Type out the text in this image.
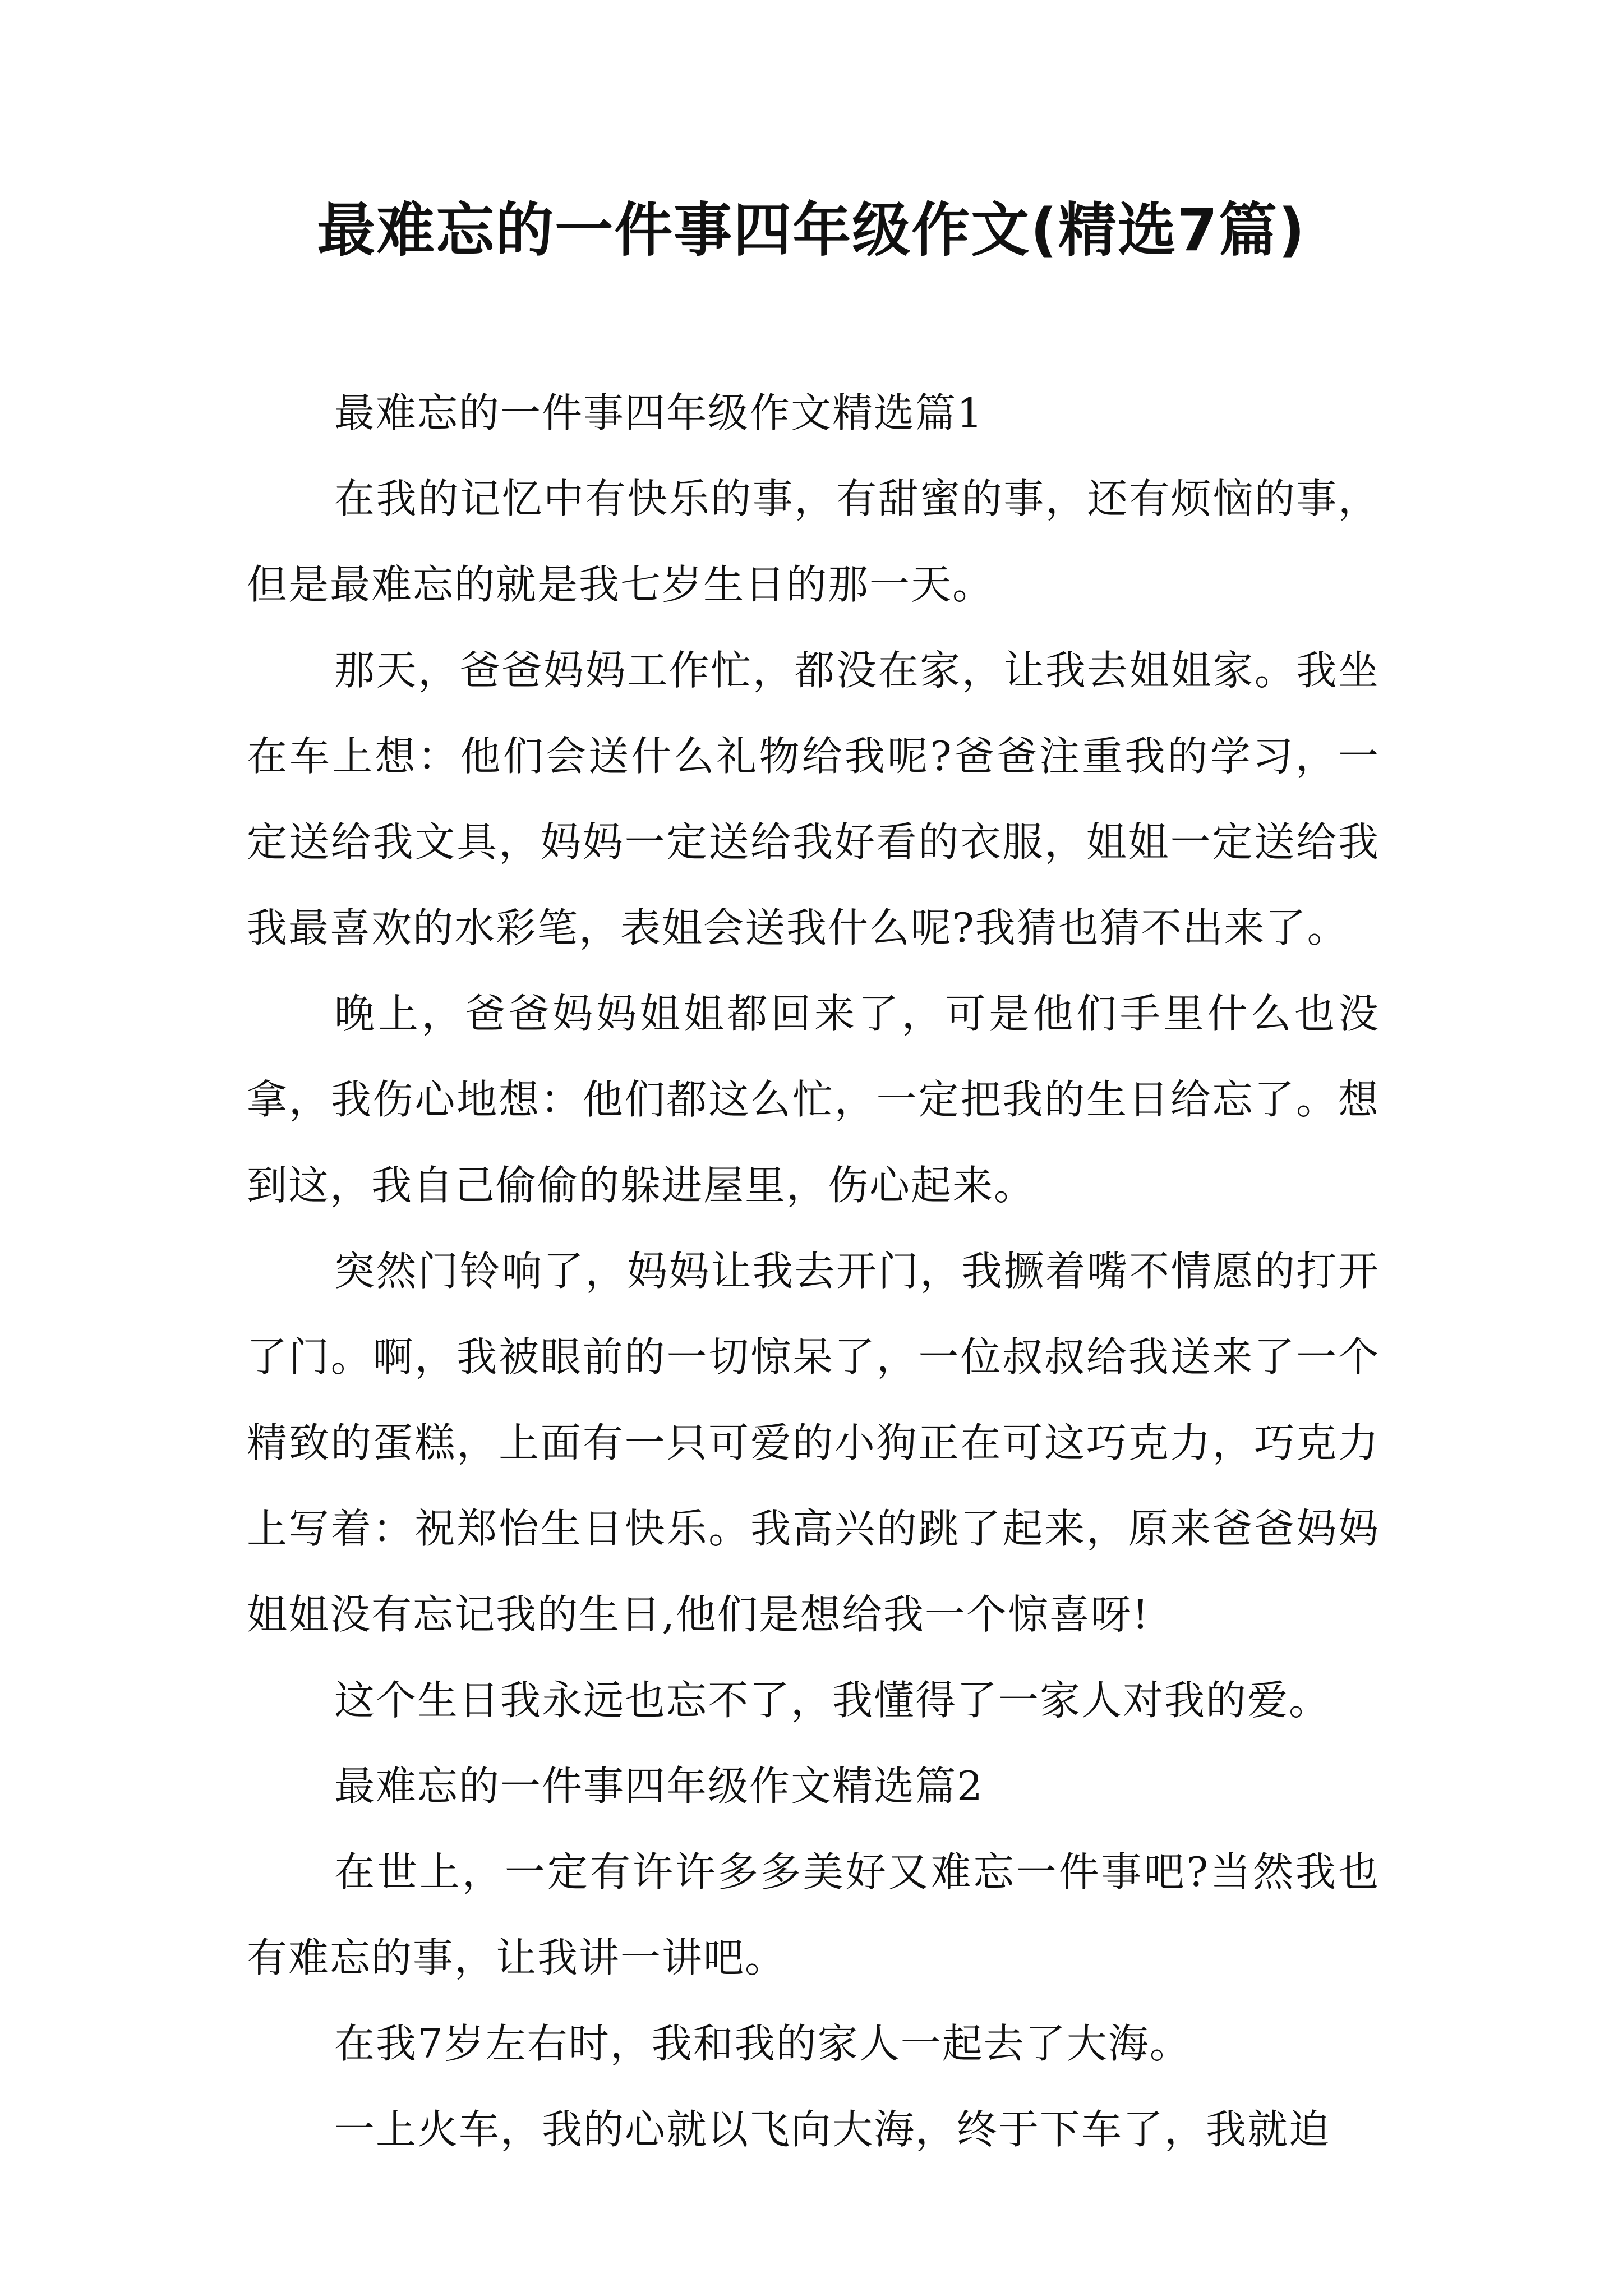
最难忘的一件事四年级作文(精选7篇)

最难忘的一件事四年级作文精选篇1

在我的记忆中有快乐的事，有甜蜜的事，还有烦恼的事，但是最难忘的就是我七岁生日的那一天。

那天，爸爸妈妈工作忙，都没在家，让我去姐姐家。我坐在车上想：他们会送什么礼物给我呢?爸爸注重我的学习，一定送给我文具，妈妈一定送给我好看的衣服，姐姐一定送给我我最喜欢的水彩笔，表姐会送我什么呢?我猜也猜不出来了。

晚上，爸爸妈妈姐姐都回来了，可是他们手里什么也没拿，我伤心地想：他们都这么忙，一定把我的生日给忘了。想到这，我自己偷偷的躲进屋里，伤心起来。

突然门铃响了，妈妈让我去开门，我撅着嘴不情愿的打开了门。啊，我被眼前的一切惊呆了，一位叔叔给我送来了一个精致的蛋糕，上面有一只可爱的小狗正在可这巧克力，巧克力上写着：祝郑怡生日快乐。我高兴的跳了起来，原来爸爸妈妈姐姐没有忘记我的生日,他们是想给我一个惊喜呀!

这个生日我永远也忘不了，我懂得了一家人对我的爱。

最难忘的一件事四年级作文精选篇2

在世上，一定有许许多多美好又难忘一件事吧?当然我也有难忘的事，让我讲一讲吧。

在我7岁左右时，我和我的家人一起去了大海。

一上火车，我的心就以飞向大海，终于下车了，我就迫
